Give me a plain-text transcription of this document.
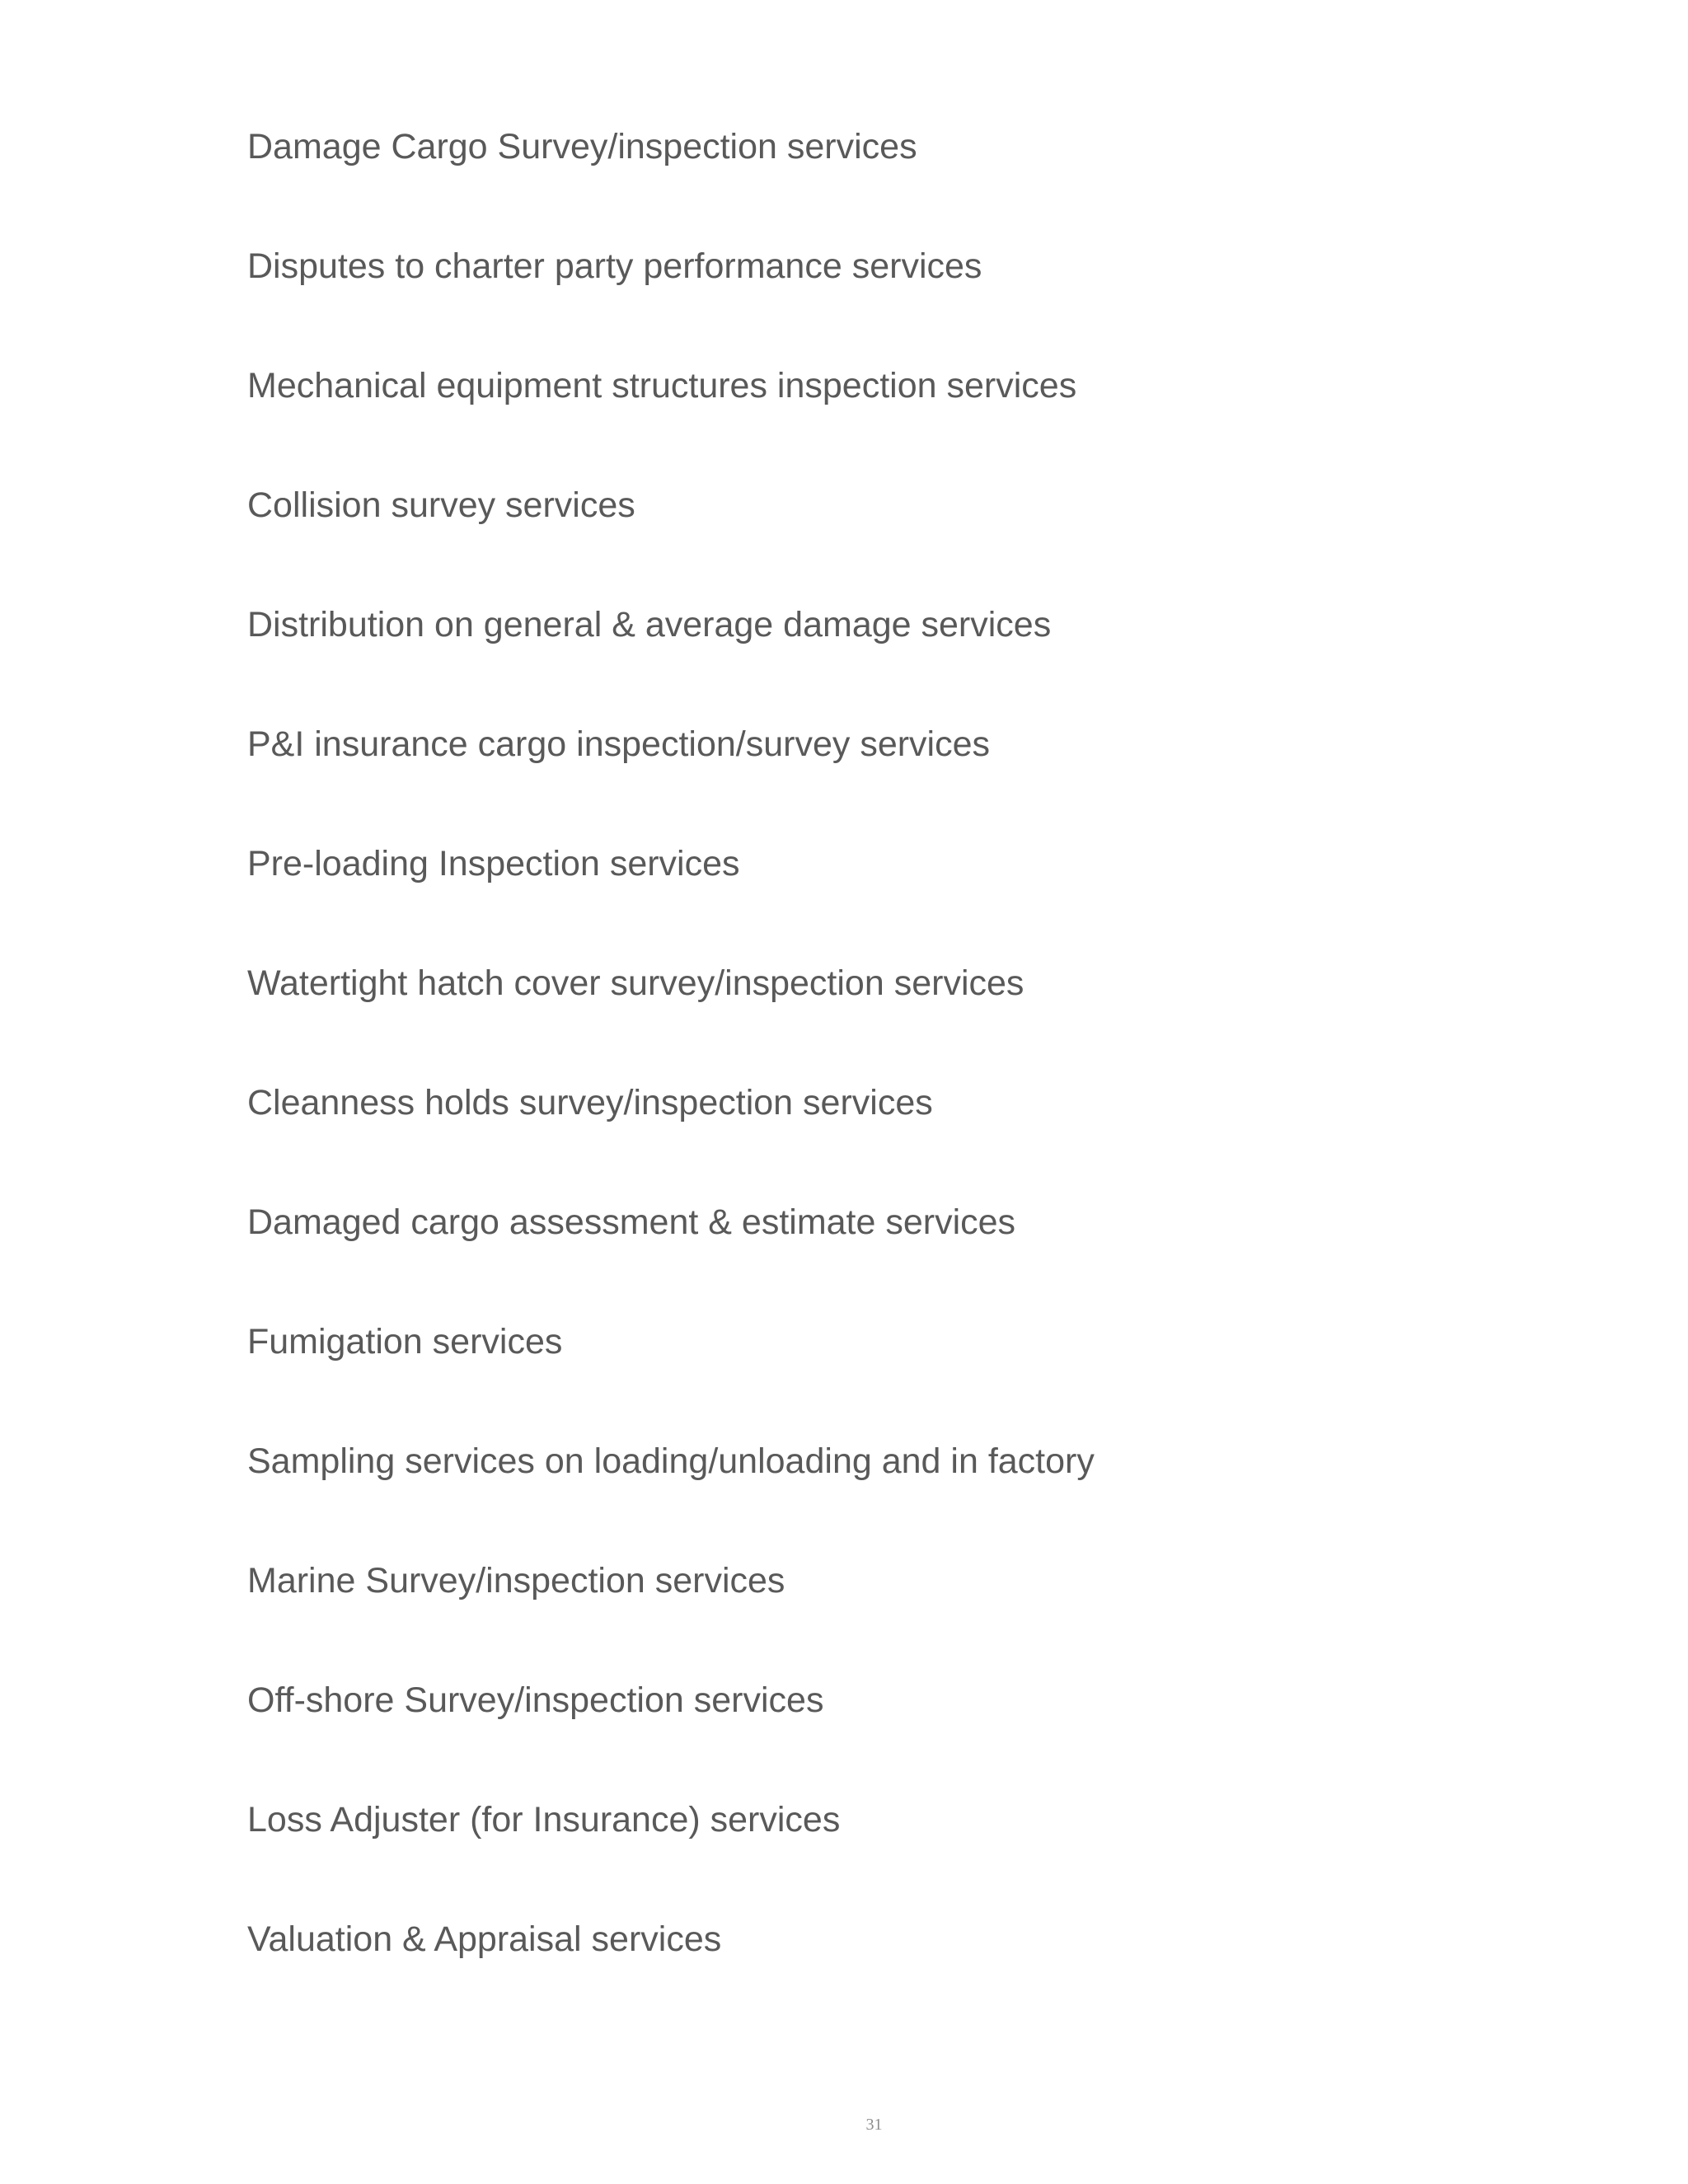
Damage Cargo Survey/inspection services
Disputes to charter party performance services
Mechanical equipment structures inspection services
Collision survey services
Distribution on general & average damage services
P&I insurance cargo inspection/survey services
Pre-loading Inspection services
Watertight hatch cover survey/inspection services
Cleanness holds survey/inspection services
Damaged cargo assessment & estimate services
Fumigation services
Sampling services on loading/unloading and in factory
Marine Survey/inspection services
Off-shore Survey/inspection services
Loss Adjuster (for Insurance) services
Valuation & Appraisal services
31
